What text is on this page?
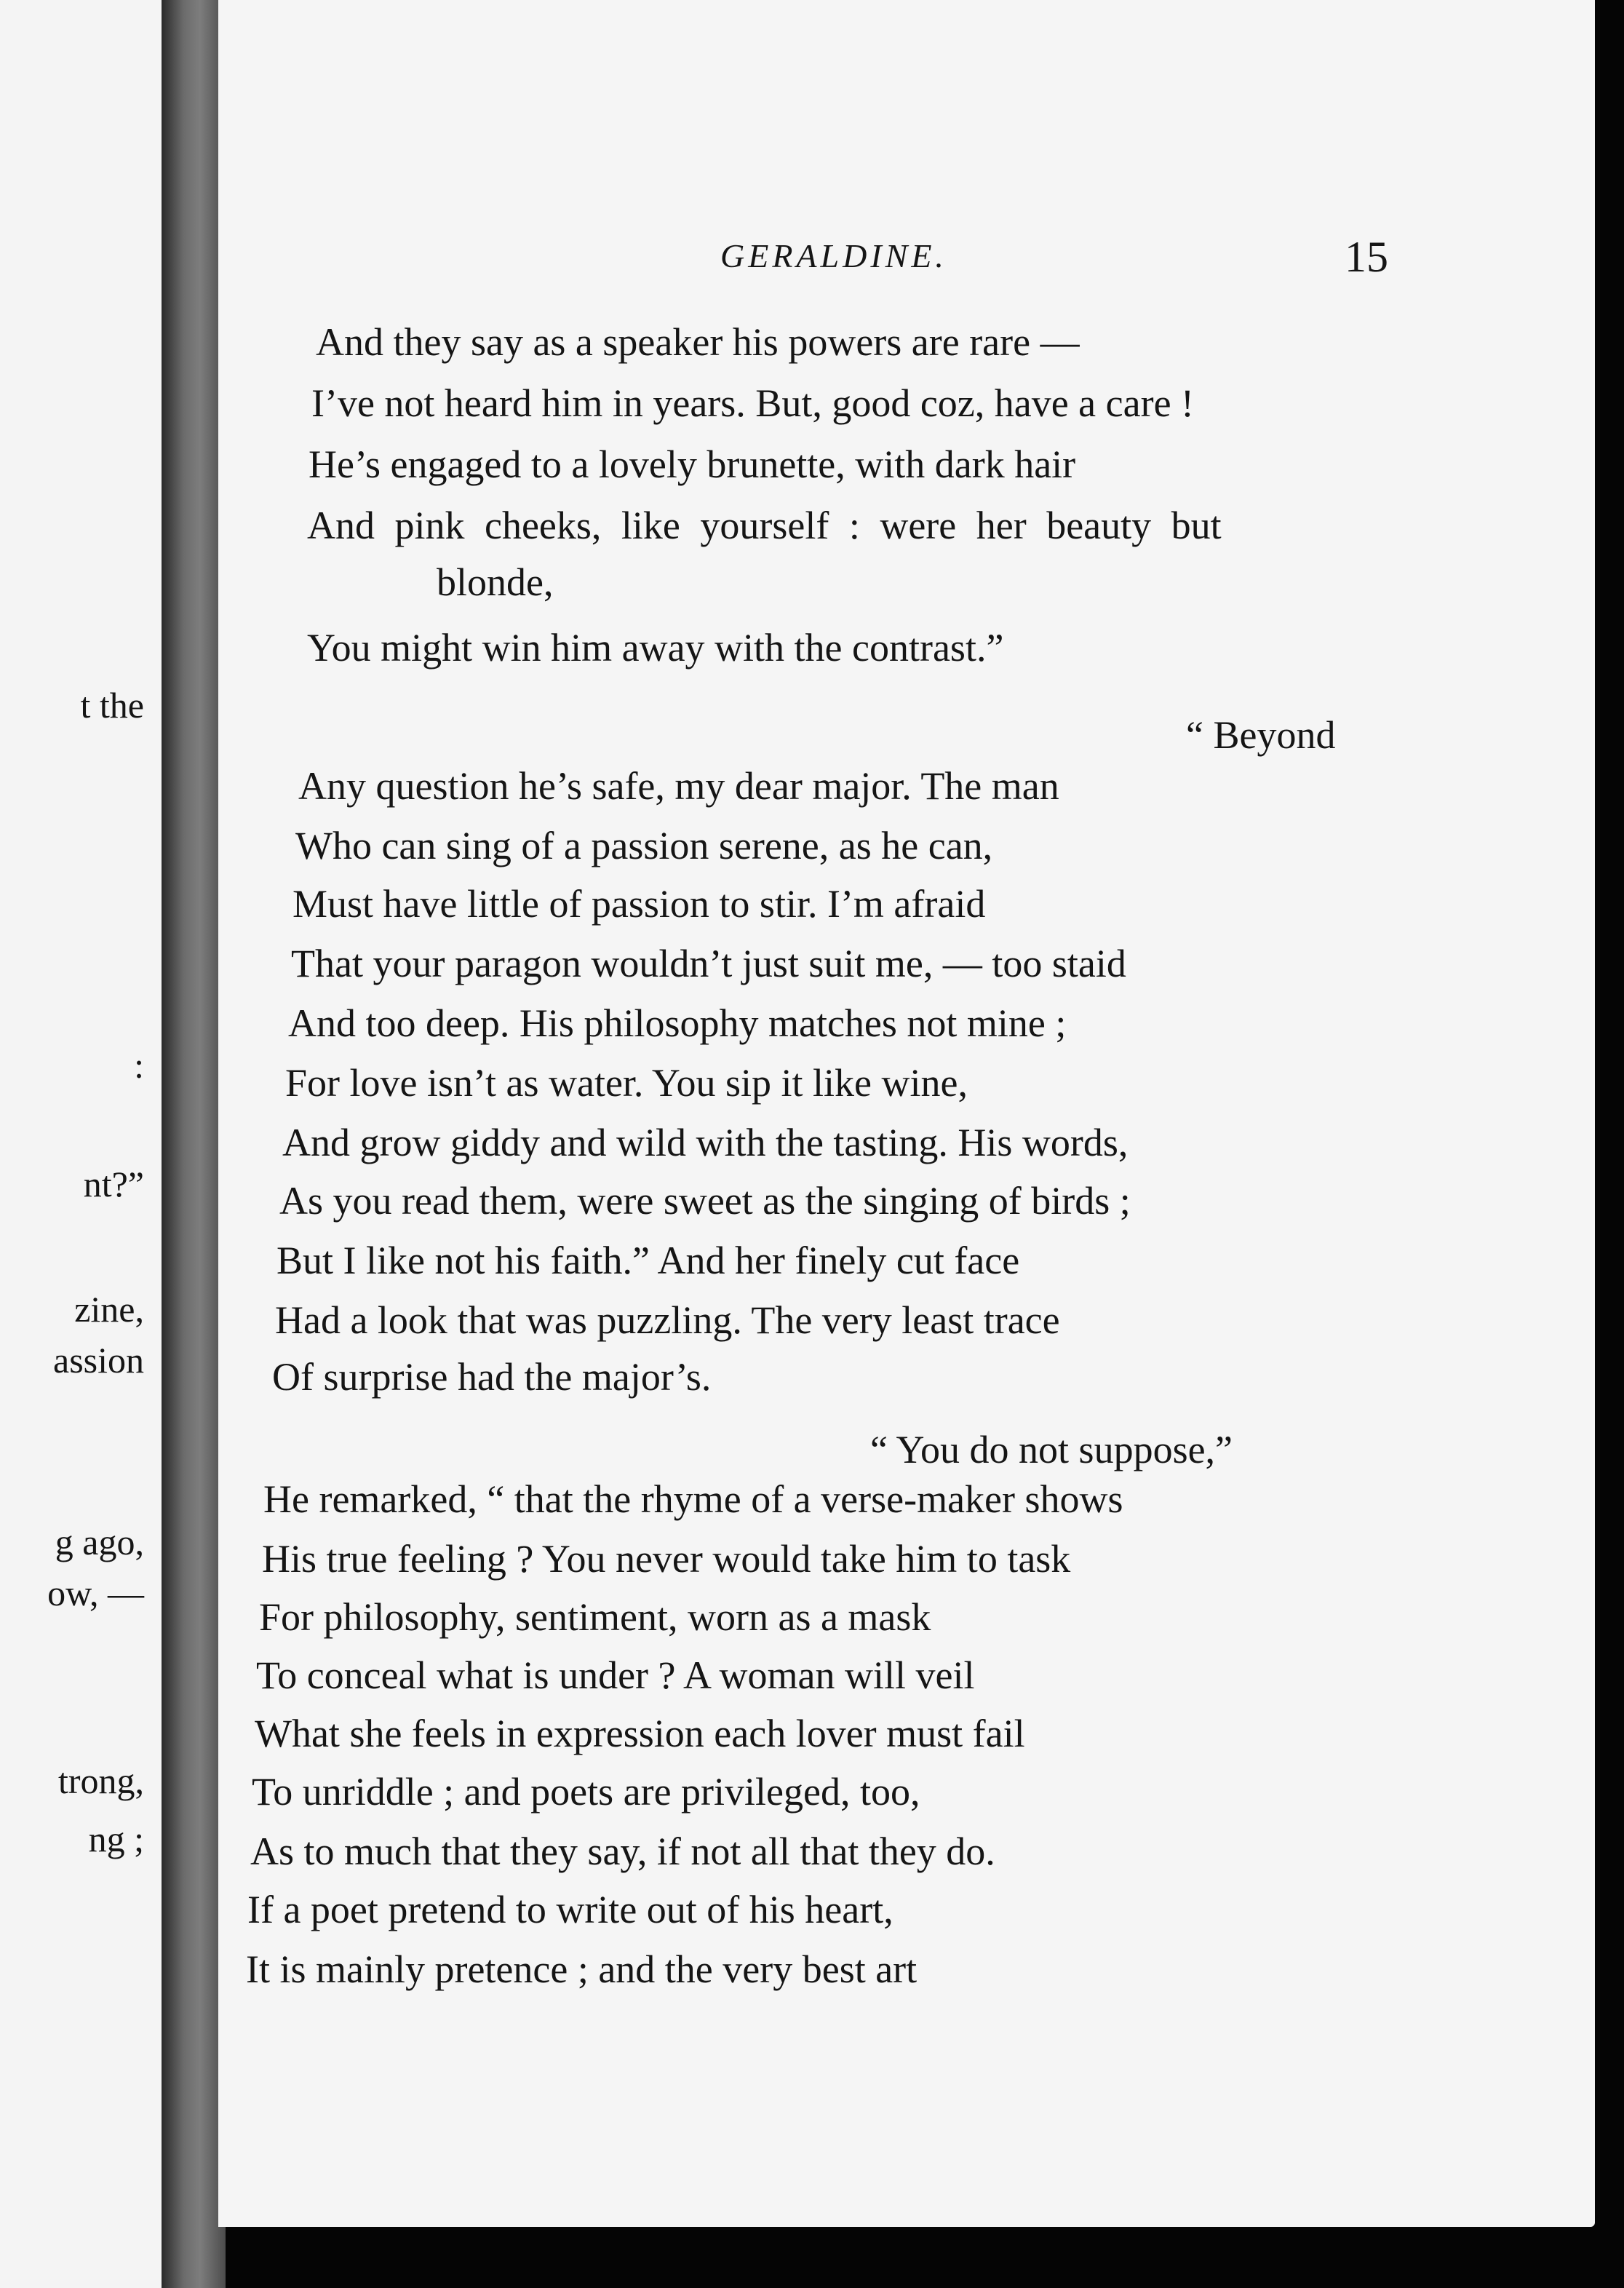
t the
:
nt?”
zine,
assion
g ago,
ow, —
trong,
ng ;
GERALDINE.	15
And they say as a speaker his powers are rare —
I’ve not heard him in years. But, good coz, have a care !
He’s engaged to a lovely brunette, with dark hair
And pink cheeks, like yourself : were her beauty but
blonde,
You might win him away with the contrast.”
“ Beyond
Any question he’s safe, my dear major. The man
Who can sing of a passion serene, as he can,
Must have little of passion to stir. I’m afraid
That your paragon wouldn’t just suit me, — too staid
And too deep. His philosophy matches not mine ;
For love isn’t as water. You sip it like wine,
And grow giddy and wild with the tasting. His words,
As you read them, were sweet as the singing of birds ;
But I like not his faith.” And her finely cut face
Had a look that was puzzling. The very least trace
Of surprise had the major’s.
“ You do not suppose,”
He remarked, “ that the rhyme of a verse-maker shows
His true feeling ? You never would take him to task
For philosophy, sentiment, worn as a mask
To conceal what is under ? A woman will veil
What she feels in expression each lover must fail
To unriddle ; and poets are privileged, too,
As to much that they say, if not all that they do.
If a poet pretend to write out of his heart,
It is mainly pretence ; and the very best art
